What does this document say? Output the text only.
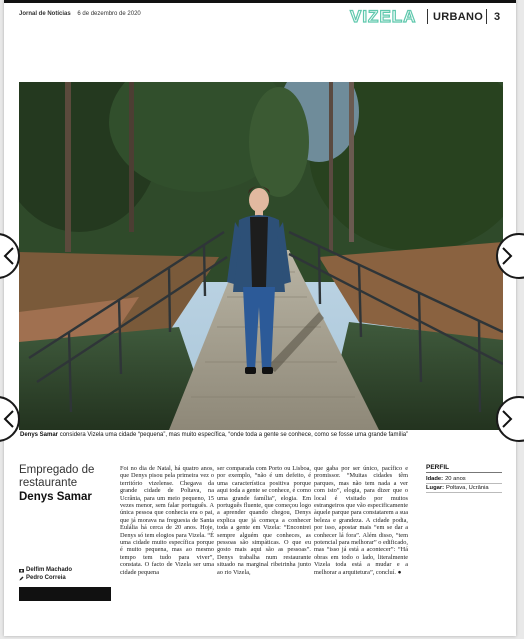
Jornal de Notícias 6 de dezembro de 2020	VIZELA URBANO 3
Denys Samar considera Vizela uma cidade “pequena”, mas muito específica, “onde toda a gente se conhece, como se fosse uma grande família”
Empregado de restaurante
Denys Samar
Delfim Machado
Pedro Correia

Foi no dia de Natal, há quatro anos, que Denys pisou pela primeira vez o território vizelense. Chegava da grande cidade de Poltava, na Ucrânia, para um meio pequeno, 15 vezes menor, sem falar português. A única pessoa que conhecia era o pai, que já morava na freguesia de Santa Eulália há cerca de 20 anos. Hoje, Denys só tem elogios para Vizela. “É uma cidade muito específica porque é muito pequena, mas ao mesmo tempo tem tudo para viver”, constata. O facto de Vizela ser uma cidade pequena

ser comparada com Porto ou Lisboa, por exemplo, “não é um defeito, é uma característica positiva porque aqui toda a gente se conhece, é como uma grande família”, elogia. Em português fluente, que começou logo a aprender quando chegou, Denys explica que já começa a conhecer toda a gente em Vizela: “Encontrei sempre alguém que conheces, as pessoas são simpáticas. O que eu gosto mais aqui são as pessoas”. Denys trabalha num restaurante situado na marginal ribeirinha junto ao rio Vizela,

que gaba por ser único, pacífico e promissor. “Muitas cidades têm parques, mas não tem nada a ver com isto”, elogia, para dizer que o local é visitado por muitos estrangeiros que vão especificamente àquele parque para constatarem a sua beleza e grandeza. A cidade podia, por isso, apostar mais “em se dar a conhecer lá fora”. Além disso, “tem potencial para melhorar” o edificado, mas “isso já está a acontecer”: “Há obras em todo o lado, literalmente Vizela toda está a mudar e a melhorar a arquitetura”, concluí. ●

PERFIL
Idade: 20 anos
Lugar: Poltava, Ucrânia
